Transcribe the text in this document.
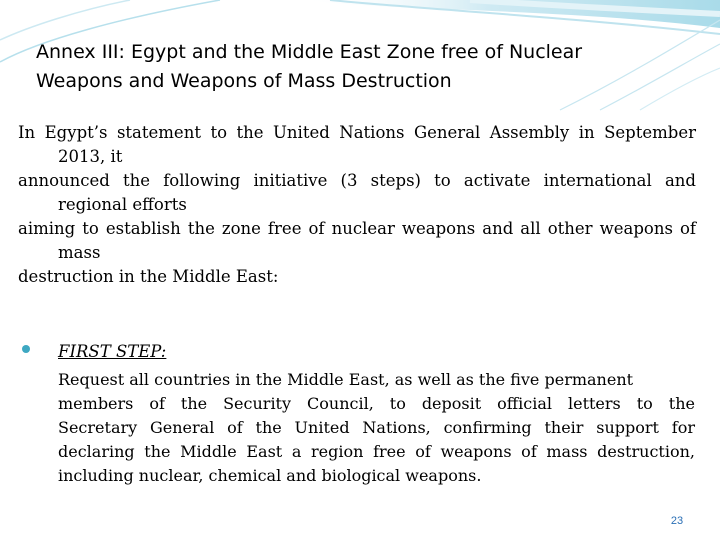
Annex III: Egypt and the Middle East Zone free of Nuclear
Weapons and Weapons of Mass Destruction
In Egypt’s statement to the United Nations General Assembly in September
2013, it
announced the following initiative (3 steps) to activate international and
regional efforts
aiming to establish the zone free of nuclear weapons and all other weapons of
mass
destruction in the Middle East:
FIRST STEP:
Request all countries in the Middle East, as well as the five permanent
members of the Security Council, to deposit official letters to the
Secretary General of the United Nations, confirming their support for
declaring the Middle East a region free of weapons of mass destruction,
including nuclear, chemical and biological weapons.
23
